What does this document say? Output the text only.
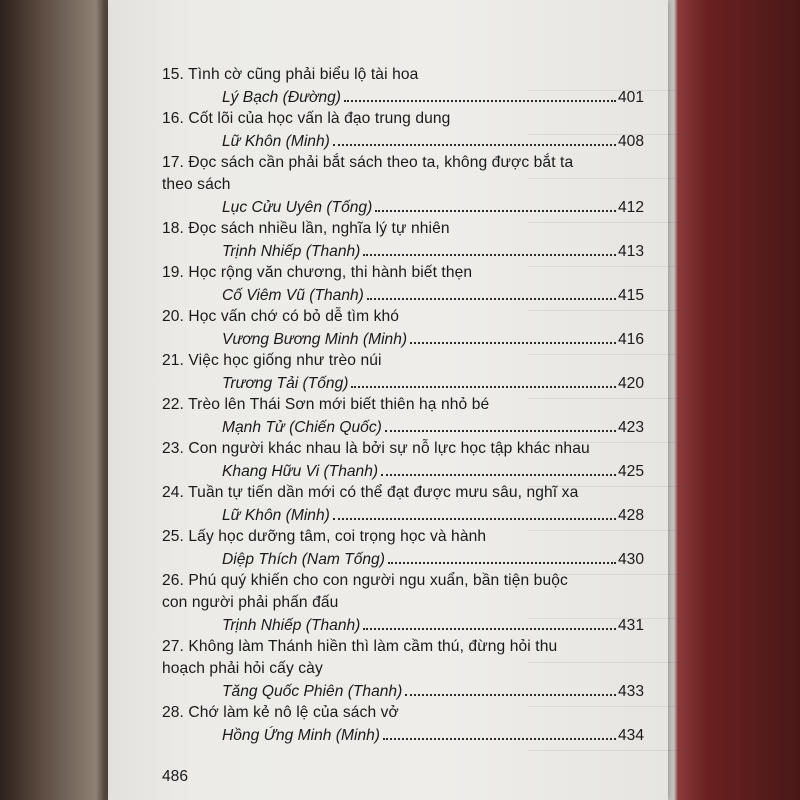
15. Tình cờ cũng phải biểu lộ tài hoa
Lý Bạch (Đường)	401
16. Cốt lõi của học vấn là đạo trung dung
Lữ Khôn (Minh)	408
17. Đọc sách cần phải bắt sách theo ta, không được bắt ta
theo sách
Lục Cửu Uyên (Tống)	412
18. Đọc sách nhiều lần, nghĩa lý tự nhiên
Trịnh Nhiếp (Thanh)	413
19. Học rộng văn chương, thi hành biết thẹn
Cố Viêm Vũ (Thanh)	415
20. Học vấn chớ có bỏ dễ tìm khó
Vương Bương Minh (Minh)	416
21. Việc học giống như trèo núi
Trương Tải (Tống)	420
22. Trèo lên Thái Sơn mới biết thiên hạ nhỏ bé
Mạnh Tử (Chiến Quốc)	423
23. Con người khác nhau là bởi sự nỗ lực học tập khác nhau
Khang Hữu Vi (Thanh)	425
24. Tuần tự tiến dần mới có thể đạt được mưu sâu, nghĩ xa
Lữ Khôn (Minh)	428
25. Lấy học dưỡng tâm, coi trọng học và hành
Diệp Thích (Nam Tống)	430
26. Phú quý khiến cho con người ngu xuẩn, bần tiện buộc
con người phải phấn đấu
Trịnh Nhiếp (Thanh)	431
27. Không làm Thánh hiền thì làm cầm thú, đừng hỏi thu
hoạch phải hỏi cấy cày
Tăng Quốc Phiên (Thanh)	433
28. Chớ làm kẻ nô lệ của sách vở
Hồng Ứng Minh (Minh)	434
486
